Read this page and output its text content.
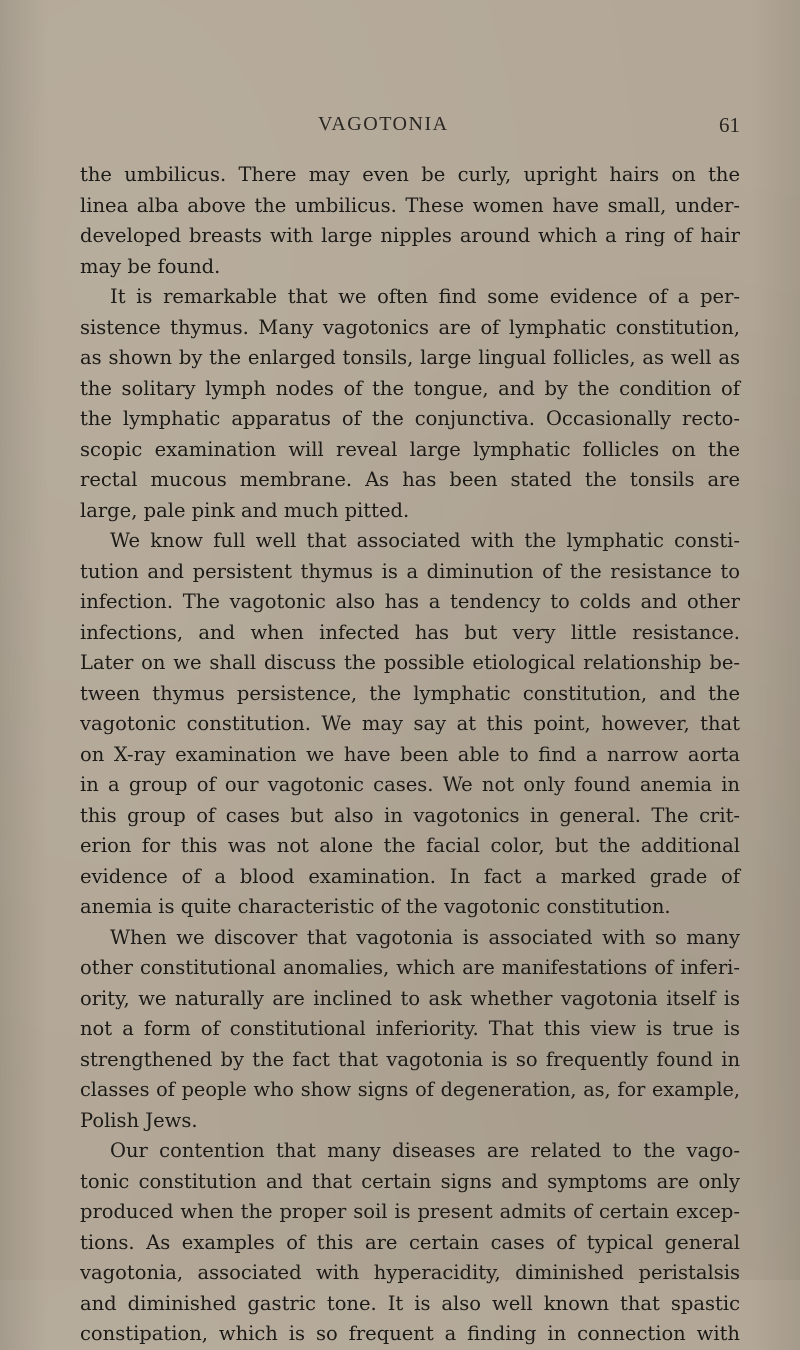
VAGOTONIA	61
the umbilicus. There may even be curly, upright hairs on the
linea alba above the umbilicus. These women have small, under-
developed breasts with large nipples around which a ring of hair
may be found.
It is remarkable that we often find some evidence of a per-
sistence thymus. Many vagotonics are of lymphatic constitution,
as shown by the enlarged tonsils, large lingual follicles, as well as
the solitary lymph nodes of the tongue, and by the condition of
the lymphatic apparatus of the conjunctiva. Occasionally recto-
scopic examination will reveal large lymphatic follicles on the
rectal mucous membrane. As has been stated the tonsils are
large, pale pink and much pitted.
We know full well that associated with the lymphatic consti-
tution and persistent thymus is a diminution of the resistance to
infection. The vagotonic also has a tendency to colds and other
infections, and when infected has but very little resistance.
Later on we shall discuss the possible etiological relationship be-
tween thymus persistence, the lymphatic constitution, and the
vagotonic constitution. We may say at this point, however, that
on X-ray examination we have been able to find a narrow aorta
in a group of our vagotonic cases. We not only found anemia in
this group of cases but also in vagotonics in general. The crit-
erion for this was not alone the facial color, but the additional
evidence of a blood examination. In fact a marked grade of
anemia is quite characteristic of the vagotonic constitution.
When we discover that vagotonia is associated with so many
other constitutional anomalies, which are manifestations of inferi-
ority, we naturally are inclined to ask whether vagotonia itself is
not a form of constitutional inferiority. That this view is true is
strengthened by the fact that vagotonia is so frequently found in
classes of people who show signs of degeneration, as, for example,
Polish Jews.
Our contention that many diseases are related to the vago-
tonic constitution and that certain signs and symptoms are only
produced when the proper soil is present admits of certain excep-
tions. As examples of this are certain cases of typical general
vagotonia, associated with hyperacidity, diminished peristalsis
and diminished gastric tone. It is also well known that spastic
constipation, which is so frequent a finding in connection with
